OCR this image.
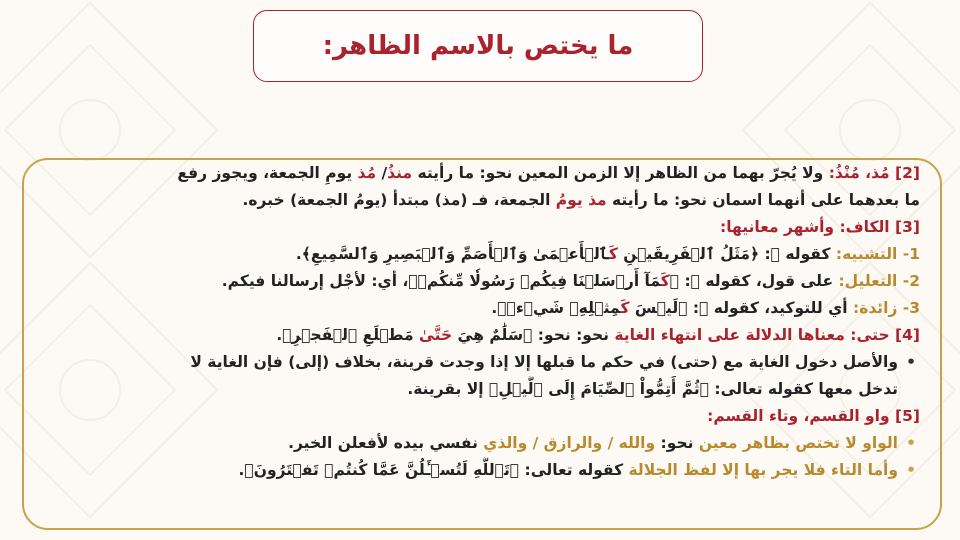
ما يختص بالاسم الظاهر:
[2] مُذ، مُنْذُ: ولا يُجرّ بهما من الظاهر إلا الزمن المعين نحو: ما رأيته منذُ/ مُذ يومِ الجمعة، ويجوز رفع
ما بعدهما على أنهما اسمان نحو: ما رأيته مذ يومُ الجمعة، فـ (مذ) مبتدأ (يومُ الجمعة) خبره.
[3] الكاف: وأشهر معانيها:
1- التشبيه: كقوله ﷻ: ﴿مَثَلُ ٱلۡفَرِيقَيۡنِ كَٱلۡأَعۡمَىٰ وَٱلۡأَصَمِّ وَٱلۡبَصِيرِ وَٱلسَّمِيعِ﴾.
2- التعليل: على قول، كقوله ﷻ: ﴿كَمَآ أَرۡسَلۡنَا فِيكُمۡ رَسُولٗا مِّنكُمۡ﴾، أي: لأجْل إرسالنا فيكم.
3- زائدة: أي للتوكيد، كقوله ﷻ: ﴿لَيۡسَ كَمِثۡلِهِۦ شَيۡءٞ﴾.
[4] حتى: معناها الدلالة على انتهاء الغاية نحو: نحو: ﴿سَلَٰمٌ هِيَ حَتَّىٰ مَطۡلَعِ ٱلۡفَجۡرِ﴾.
•
والأصل دخول الغاية مع (حتى) في حكم ما قبلها إلا إذا وجدت قرينة، بخلاف (إلى) فإن الغاية لا
تدخل معها كقوله تعالى: ﴿ثُمَّ أَتِمُّواْ ٱلصِّيَامَ إِلَى ٱلَّيۡلِ﴾ إلا بقرينة.
[5] واو القسم، وتاء القسم:
•
الواو لا تختص بظاهر معين نحو: والله / والرازق / والذي نفسي بيده لأفعلن الخير.
•
وأما التاء فلا يجر بها إلا لفظ الجلالة كقوله تعالى: ﴿تَٱللَّهِ لَتُسۡـَٔلُنَّ عَمَّا كُنتُمۡ تَفۡتَرُونَ﴾.
